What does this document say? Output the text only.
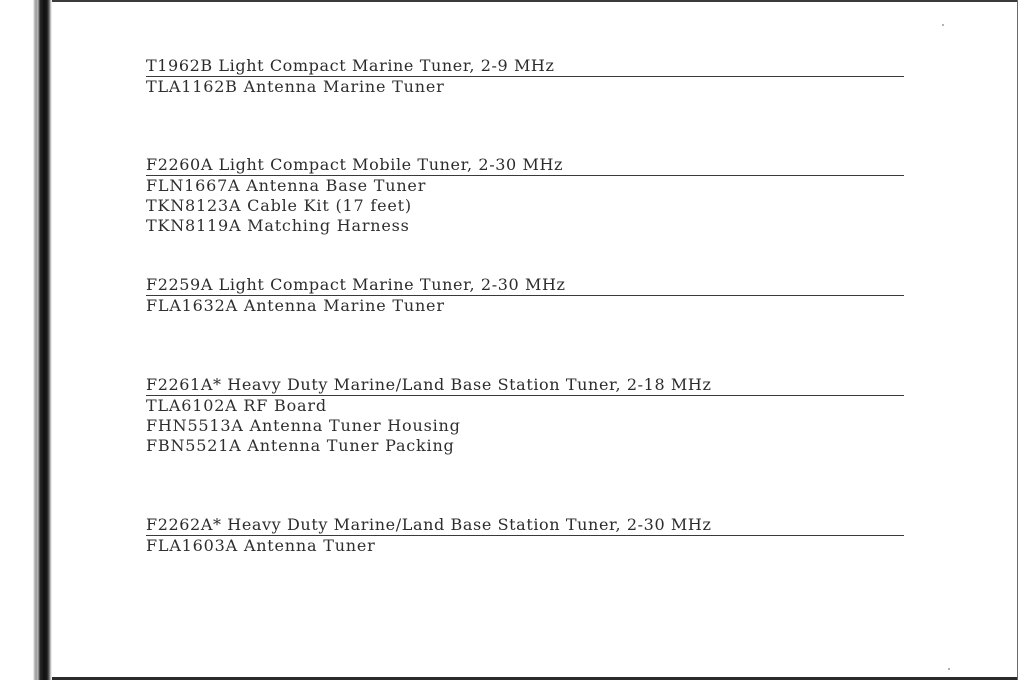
T1962B Light Compact Marine Tuner, 2-9 MHz
TLA1162B Antenna Marine Tuner
F2260A Light Compact Mobile Tuner, 2-30 MHz
FLN1667A Antenna Base Tuner
TKN8123A Cable Kit (17 feet)
TKN8119A Matching Harness
F2259A Light Compact Marine Tuner, 2-30 MHz
FLA1632A Antenna Marine Tuner
F2261A* Heavy Duty Marine/Land Base Station Tuner, 2-18 MHz
TLA6102A RF Board
FHN5513A Antenna Tuner Housing
FBN5521A Antenna Tuner Packing
F2262A* Heavy Duty Marine/Land Base Station Tuner, 2-30 MHz
FLA1603A Antenna Tuner
